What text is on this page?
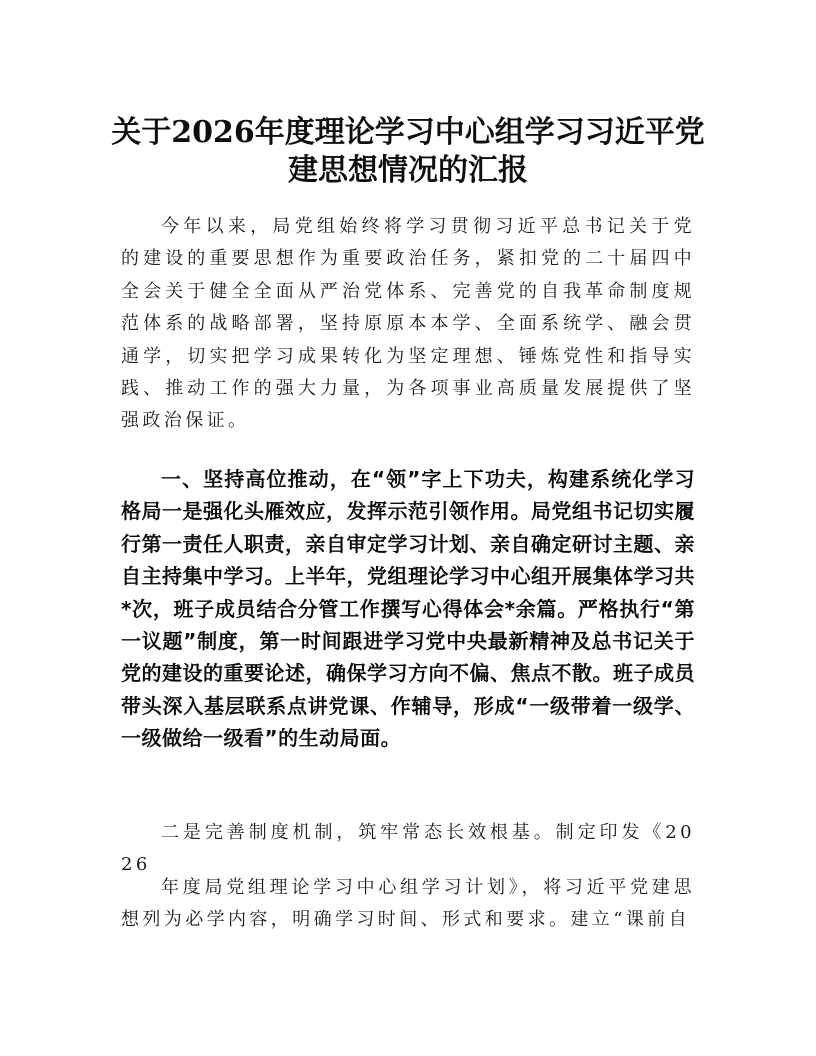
关于2026年度理论学习中心组学习习近平党建思想情况的汇报

今年以来，局党组始终将学习贯彻习近平总书记关于党的建设的重要思想作为重要政治任务，紧扣党的二十届四中全会关于健全全面从严治党体系、完善党的自我革命制度规范体系的战略部署，坚持原原本本学、全面系统学、融会贯通学，切实把学习成果转化为坚定理想、锤炼党性和指导实践、推动工作的强大力量，为各项事业高质量发展提供了坚强政治保证。

一、坚持高位推动，在“领”字上下功夫，构建系统化学习格局一是强化头雁效应，发挥示范引领作用。局党组书记切实履行第一责任人职责，亲自审定学习计划、亲自确定研讨主题、亲自主持集中学习。上半年，党组理论学习中心组开展集体学习共*次，班子成员结合分管工作撰写心得体会*余篇。严格执行“第一议题”制度，第一时间跟进学习党中央最新精神及总书记关于党的建设的重要论述，确保学习方向不偏、焦点不散。班子成员带头深入基层联系点讲党课、作辅导，形成“一级带着一级学、一级做给一级看”的生动局面。

二是完善制度机制，筑牢常态长效根基。制定印发《2026

年度局党组理论学习中心组学习计划》，将习近平党建思想列为必学内容，明确学习时间、形式和要求。建立“课前自
